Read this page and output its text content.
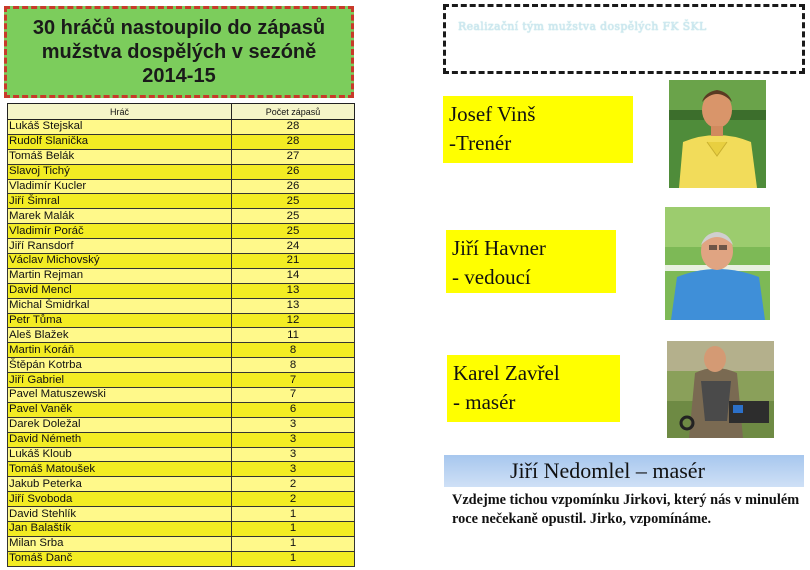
30 hráčů nastoupilo do zápasů
mužstva dospělých v sezóně
2014-15
Hráč	Počet zápasů
Lukáš Stejskal	28
Rudolf Slanička	28
Tomáš Belák	27
Slavoj Tichý	26
Vladimír Kucler	26
Jiří Šimral	25
Marek Malák	25
Vladimír Poráč	25
Jiří Ransdorf	24
Václav Michovský	21
Martin Rejman	14
David Mencl	13
Michal Šmidrkal	13
Petr Tůma	12
Aleš Blažek	11
Martin Koráň	8
Štěpán Kotrba	8
Jiří Gabriel	7
Pavel Matuszewski	7
Pavel Vaněk	6
Darek Doležal	3
David Németh	3
Lukáš Kloub	3
Tomáš Matoušek	3
Jakub Peterka	2
Jiří Svoboda	2
David Stehlík	1
Jan Balaštík	1
Milan Srba	1
Tomáš Danč	1
Realizační tým mužstva dospělých FK ŠKL
Josef Vinš
-Trenér
Jiří Havner
- vedoucí
Karel Zavřel
- masér
Jiří Nedomlel – masér
Vzdejme tichou vzpomínku Jirkovi, který nás v minulém roce nečekaně opustil. Jirko, vzpomínáme.
